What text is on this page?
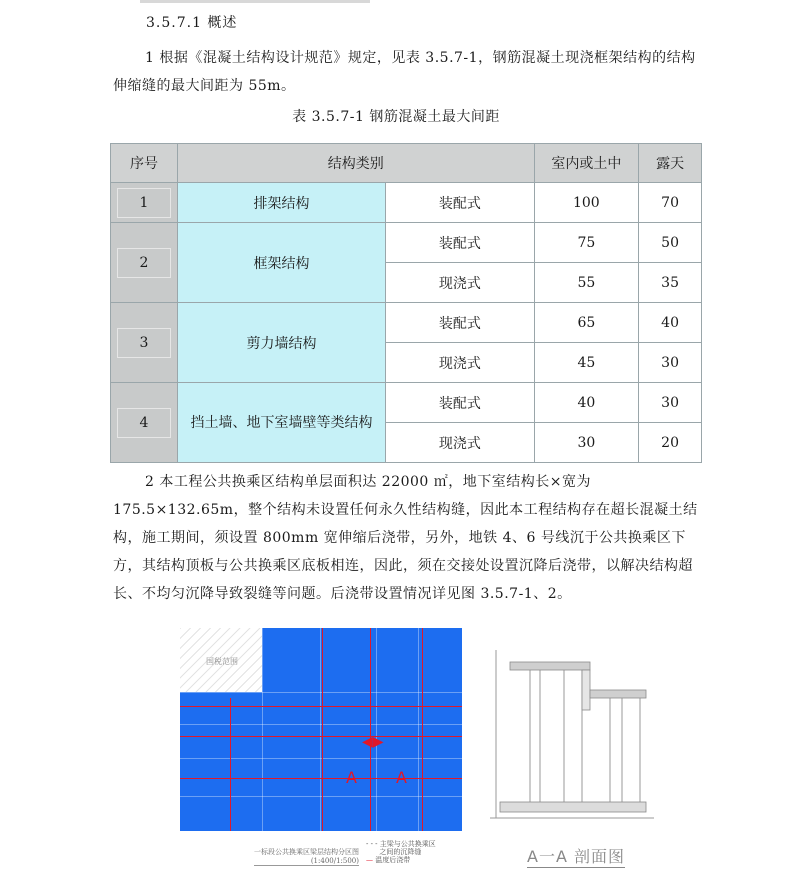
3.5.7.1 概述

1 根据《混凝土结构设计规范》规定，见表 3.5.7-1，钢筋混凝土现浇框架结构的结构伸缩缝的最大间距为 55m。

表 3.5.7-1 钢筋混凝土最大间距
序号	结构类别		室内或土中	露天
1	排架结构	装配式	100	70
2	框架结构	装配式	75	50
		现浇式	55	35
3	剪力墙结构	装配式	65	40
		现浇式	45	30
4	挡土墙、地下室墙壁等类结构	装配式	40	30
		现浇式	30	20

2 本工程公共换乘区结构单层面积达 22000 ㎡，地下室结构长×宽为 175.5×132.65m，整个结构未设置任何永久性结构缝，因此本工程结构存在超长混凝土结构，施工期间，须设置 800mm 宽伸缩后浇带，另外，地铁 4、6 号线沉于公共换乘区下方，其结构顶板与公共换乘区底板相连，因此，须在交接处设置沉降后浇带，以解决结构超长、不均匀沉降导致裂缝等问题。后浇带设置情况详见图 3.5.7-1、2。

国税范围
◀▶
A A
一标段公共换乘区梁层结构分区图
(1:400/1:500)
- - - 主梁与公共换乘区
之间的沉降缝
— 温度后浇带	A一A 剖面图
